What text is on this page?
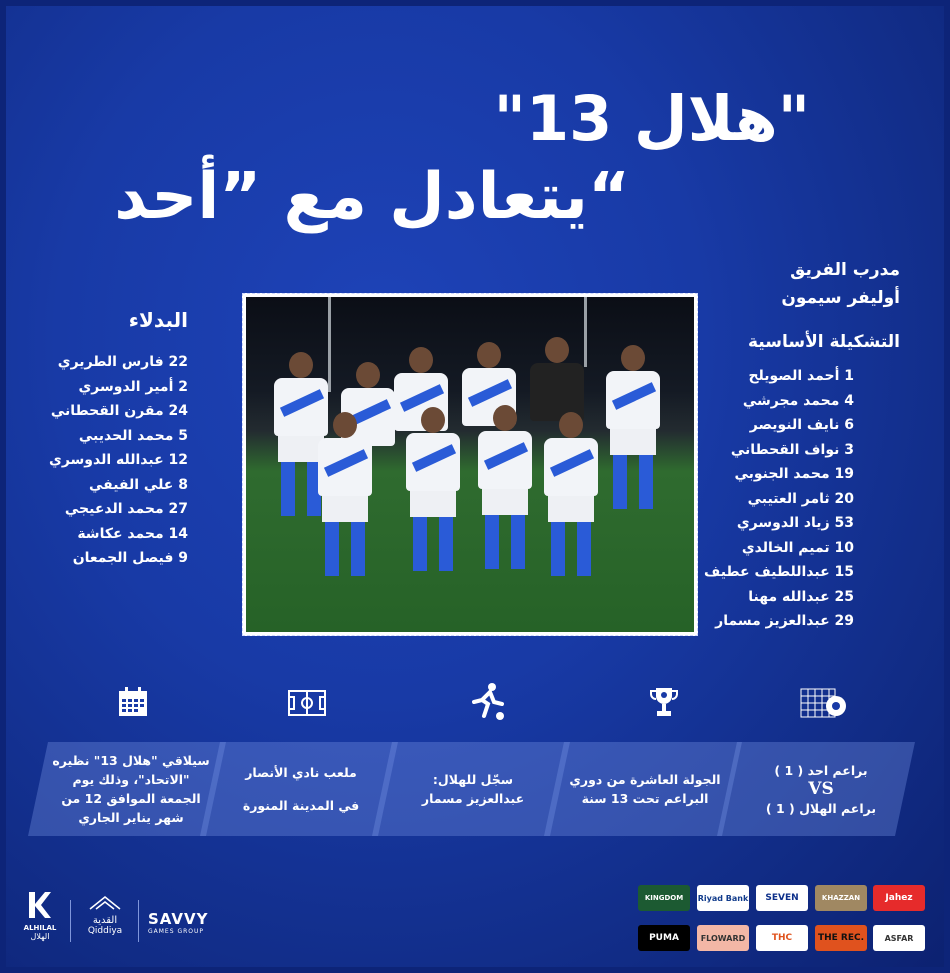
"هلال 13"
يتعادل مع ”أحد“
مدرب الفريق
أوليفر سيمون
التشكيلة الأساسية
1 أحمد الصويلح
4 محمد مجرشي
6 نايف النويصر
3 نواف القحطاني
19 محمد الجنوبي
20 ثامر العتيبي
53 زياد الدوسري
10 تميم الخالدي
15 عبداللطيف عطيف
25 عبدالله مهنا
29 عبدالعزيز مسمار
البدلاء
22 فارس الطريري
2 أمير الدوسري
24 مقرن القحطاني
5 محمد الحديبي
12 عبدالله الدوسري
8 علي الفيفي
27 محمد الدعيجي
14 محمد عكاشة
9 فيصل الجمعان
براعم احد ( 1 )
VS
براعم الهلال ( 1 )
الجولة العاشرة من دوري
البراعم تحت 13 سنة
سجّل للهلال:
عبدالعزيز مسمار
ملعب نادي الأنصار
في المدينة المنورة
سيلاقي "هلال 13" نظيره
"الاتحاد"، وذلك يوم
الجمعة الموافق 12 من
شهر يناير الجاري
ALHILAL
الهلال
القدية
Qiddiya
SAVVY
GAMES GROUP
Jahez
KINGDOM	SEVEN
Riyad Bank	KHAZZAN
ASFAR
THE REC.
THC
FLOWARD
PUMA
